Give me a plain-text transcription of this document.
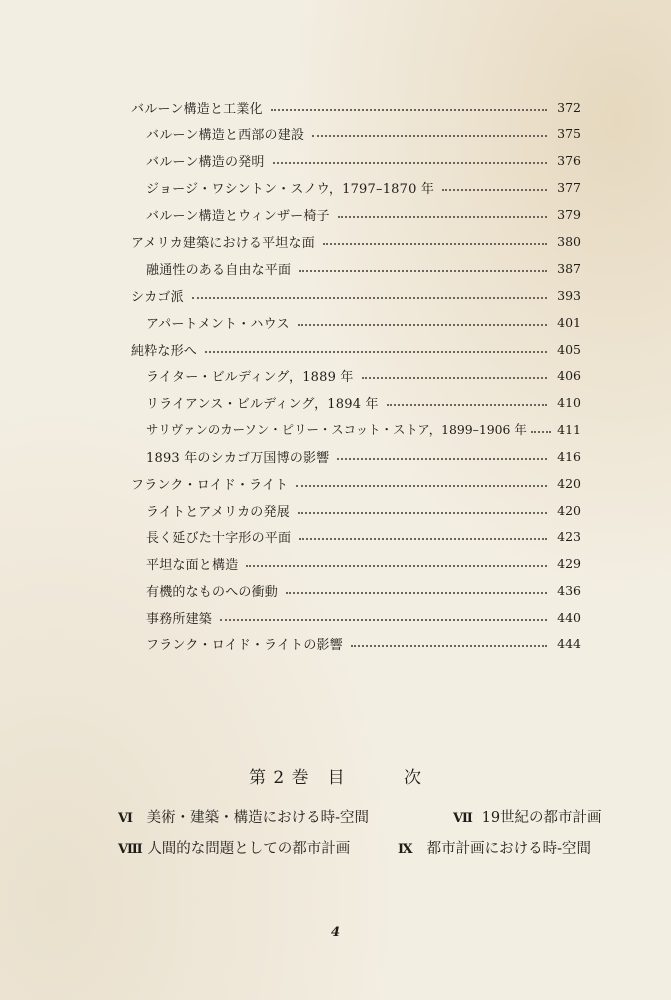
バルーン構造と工業化	372
バルーン構造と西部の建設	375
バルーン構造の発明	376
ジョージ・ワシントン・スノウ，1797–1870 年	377
バルーン構造とウィンザー椅子	379
アメリカ建築における平坦な面	380
融通性のある自由な平面	387
シカゴ派	393
アパートメント・ハウス	401
純粋な形へ	405
ライター・ビルディング，1889 年	406
リライアンス・ビルディング，1894 年	410
サリヴァンのカーソン・ピリー・スコット・ストア，1899–1906 年 411
1893 年のシカゴ万国博の影響	416
フランク・ロイド・ライト	420
ライトとアメリカの発展	420
長く延びた十字形の平面	423
平坦な面と構造	429
有機的なものへの衝動	436
事務所建築	440
フランク・ロイド・ライトの影響	444
第 2 巻　目	次
Ⅵ 美術・建築・構造における時-空間	Ⅶ 19世紀の都市計画
Ⅷ 人間的な問題としての都市計画	Ⅸ 都市計画における時-空間
4
